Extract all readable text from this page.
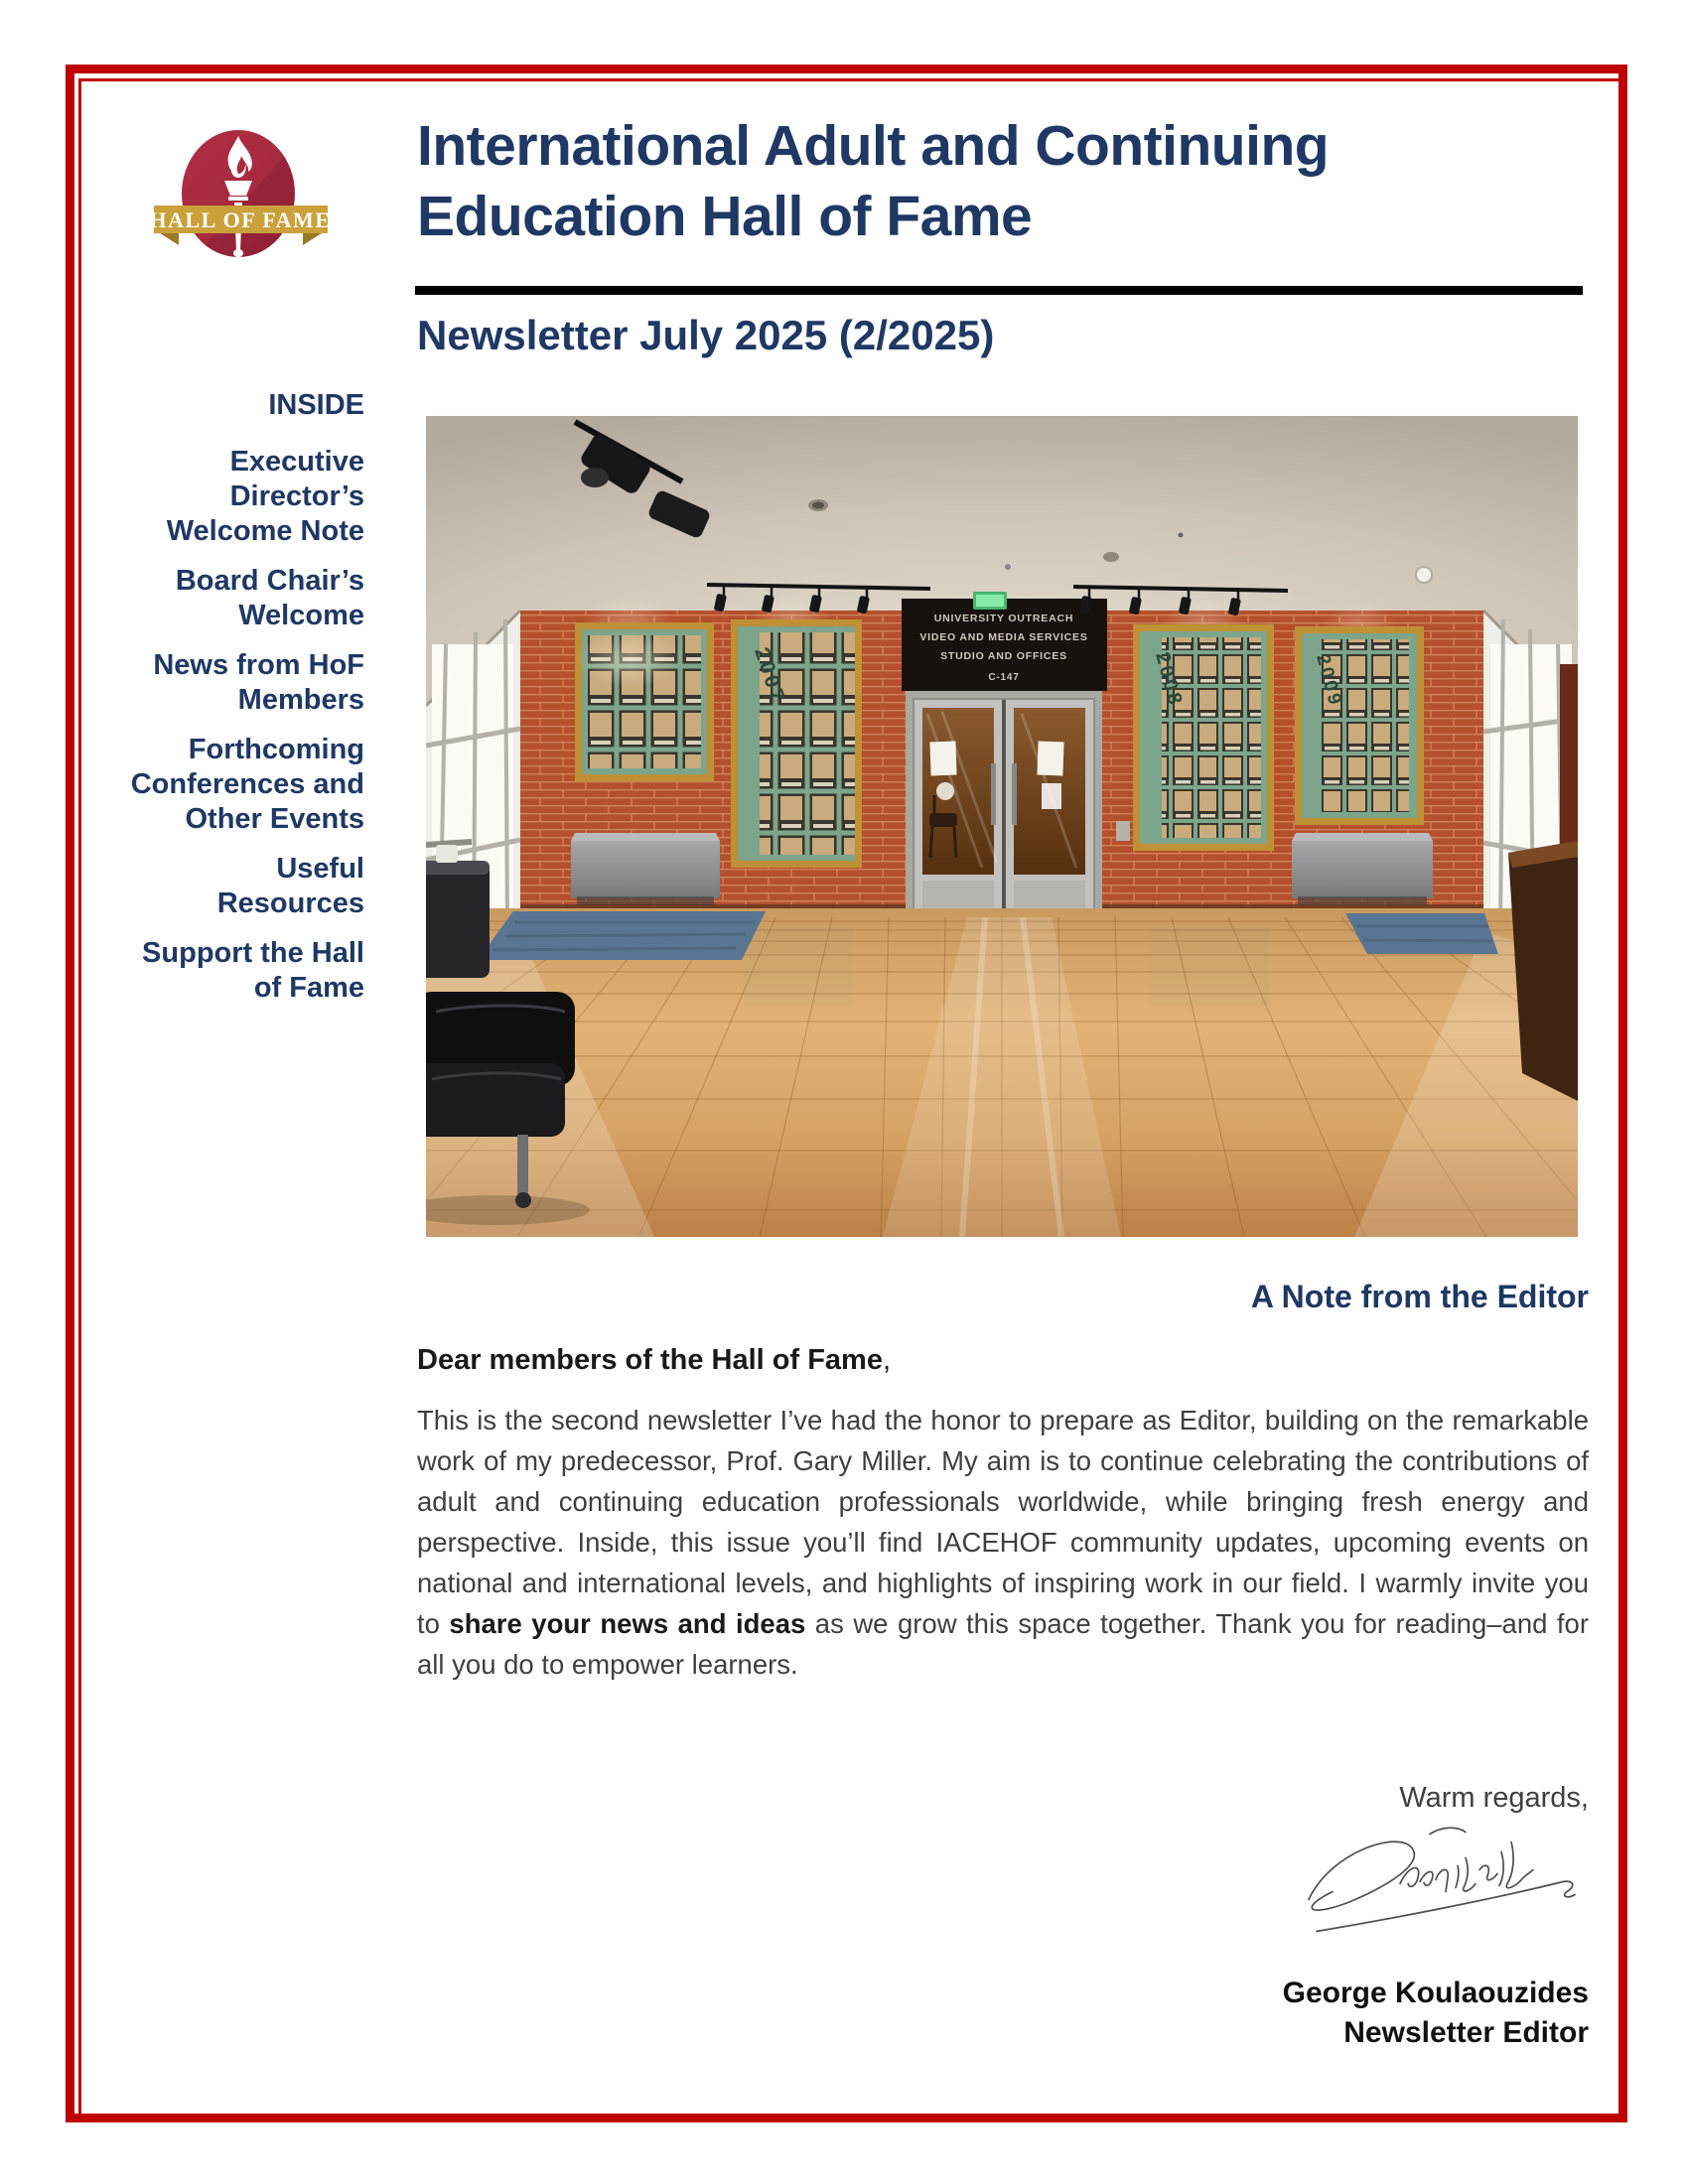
HALL OF FAME
International Adult and Continuing
Education Hall of Fame
Newsletter July 2025 (2/2025)
INSIDE
Executive
Director’s
Welcome Note
Board Chair’s
Welcome
News from HoF
Members
Forthcoming
Conferences and
Other Events
Useful
Resources
Support the Hall
of Fame
2007	2008	2009
UNIVERSITY OUTREACH
VIDEO AND MEDIA SERVICES
STUDIO AND OFFICES
C-147
A Note from the Editor
Dear members of the Hall of Fame,
This is the second newsletter I’ve had the honor to prepare as Editor, building on the remarkable work of my predecessor, Prof. Gary Miller. My aim is to continue celebrating the contributions of adult and continuing education professionals worldwide, while bringing fresh energy and perspective. Inside, this issue you’ll find IACEHOF community updates, upcoming events on national and international levels, and highlights of inspiring work in our field. I warmly invite you to share your news and ideas as we grow this space together. Thank you for reading–and for all you do to empower learners.
Warm regards,
George Koulaouzides
Newsletter Editor
